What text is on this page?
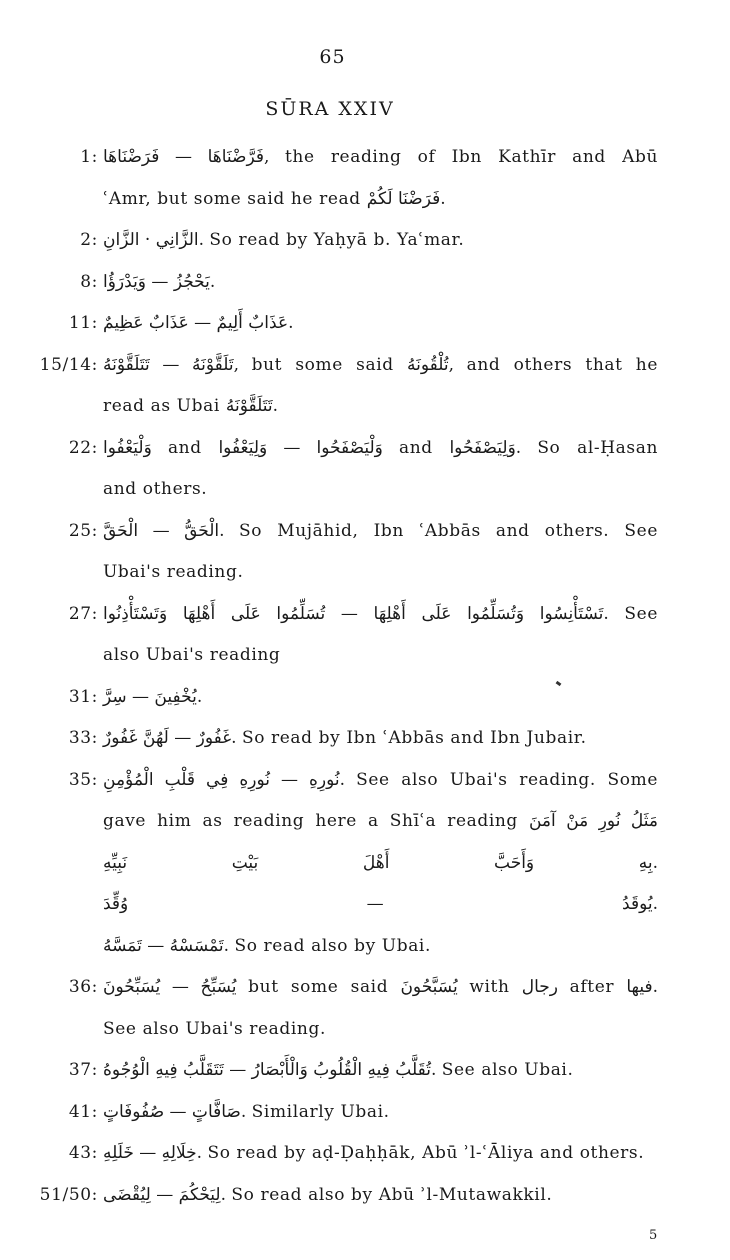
65
SŪRA XXIV
1: فَرَّضْنَاهَا — فَرَضْنَاهَا, the reading of Ibn Kathīr and Abū
ʿAmr, but some said he read فَرَضْنَا لَكُمْ.
2: الزَّانِي · الزَّانِ. So read by Yaḥyā b. Yaʿmar.
8: يَحْجُزُ — وَيَدْرَؤُا.
11: عَذَابٌ أَلِيمٌ — عَذَابٌ عَظِيمٌ.
15/14: تَلَقَّوْنَهُ — تَتَلَقَّوْنَهُ, but some said تُلْقُونَهُ, and others that he
read as Ubai تَتَلَقَّوْنَهُ.
22: وَلْيَعْفُوا and وَلْيَصْفَحُوا — وَلِيَعْفُوا and وَلِيَصْفَحُوا. So al-Ḥasan
and others.
25: الْحَقُّ — الْحَقَّ. So Mujāhid, Ibn ʿAbbās and others. See
Ubai's reading.
27: تَسْتَأْنِسُوا وَتُسَلِّمُوا عَلَى أَهْلِهَا — تُسَلِّمُوا عَلَى أَهْلِهَا وَتَسْتَأْذِنُوا. See
also Ubai's reading
31: يُخْفِينَ — سِرَّ.
33: غَفُورٌ — لَهُنَّ غَفُورٌ. So read by Ibn ʿAbbās and Ibn Jubair.
35: نُورِهِ — نُورِهِ فِي قَلْبِ الْمُؤْمِنِ. See also Ubai's reading. Some
gave him as reading here a Shīʿa reading مَثَلُ نُورِ مَنْ آمَنَ
بِهِ وَأَحَبَّ أَهْلَ بَيْتِ نَبِيِّهِ.
يُوقَدُ — وُقِّدَ.
تَمْسَسْهُ — تَمَسَّهُ. So read also by Ubai.
36: يُسَبِّحُ — يُسَبِّحُونَ but some said يُسَبَّحُونَ with رجال after فيها.
See also Ubai's reading.
37: تُقَلَّبُ فِيهِ الْقُلُوبُ وَالْأَبْصَارُ — تَتَقَلَّبُ فِيهِ الْوُجُوهُ. See also Ubai.
41: صَافَّاتٍ — صُفُوفَاتٍ. Similarly Ubai.
43: خِلَالِهِ — خَلَلِهِ. So read by aḍ-Ḍaḥḥāk, Abū ʾl-ʿĀliya and others.
51/50: لِيَحْكُمَ — لِيُقْضَى. So read also by Abū ʾl-Mutawakkil.
5
